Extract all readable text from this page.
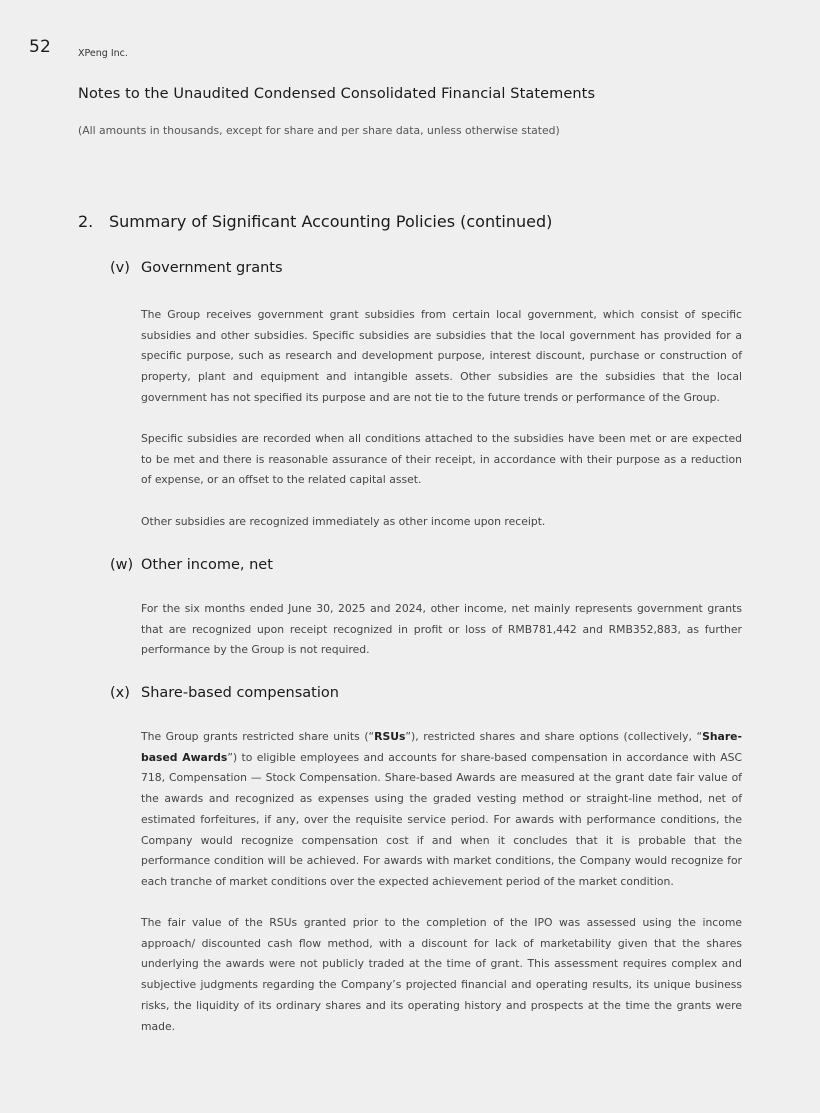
52	XPeng Inc.
Notes to the Unaudited Condensed Consolidated Financial Statements
(All amounts in thousands, except for share and per share data, unless otherwise stated)
2. Summary of Significant Accounting Policies (continued)
(v) Government grants

The Group receives government grant subsidies from certain local government, which consist of specific subsidies and other subsidies. Specific subsidies are subsidies that the local government has provided for a specific purpose, such as research and development purpose, interest discount, purchase or construction of property, plant and equipment and intangible assets. Other subsidies are the subsidies that the local government has not specified its purpose and are not tie to the future trends or performance of the Group.

Specific subsidies are recorded when all conditions attached to the subsidies have been met or are expected to be met and there is reasonable assurance of their receipt, in accordance with their purpose as a reduction of expense, or an offset to the related capital asset.

Other subsidies are recognized immediately as other income upon receipt.

(w) Other income, net

For the six months ended June 30, 2025 and 2024, other income, net mainly represents government grants that are recognized upon receipt recognized in profit or loss of RMB781,442 and RMB352,883, as further performance by the Group is not required.

(x) Share-based compensation

The Group grants restricted share units (“RSUs”), restricted shares and share options (collectively, “Share-based Awards”) to eligible employees and accounts for share-based compensation in accordance with ASC 718, Compensation — Stock Compensation. Share-based Awards are measured at the grant date fair value of the awards and recognized as expenses using the graded vesting method or straight-line method, net of estimated forfeitures, if any, over the requisite service period. For awards with performance conditions, the Company would recognize compensation cost if and when it concludes that it is probable that the performance condition will be achieved. For awards with market conditions, the Company would recognize for each tranche of market conditions over the expected achievement period of the market condition.

The fair value of the RSUs granted prior to the completion of the IPO was assessed using the income approach/ discounted cash flow method, with a discount for lack of marketability given that the shares underlying the awards were not publicly traded at the time of grant. This assessment requires complex and subjective judgments regarding the Company’s projected financial and operating results, its unique business risks, the liquidity of its ordinary shares and its operating history and prospects at the time the grants were made.
